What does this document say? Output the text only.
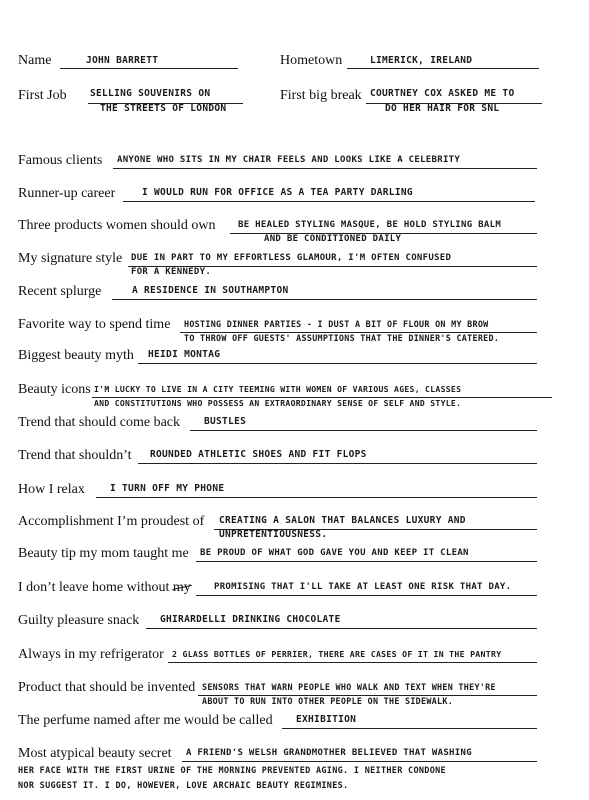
Name	JOHN BARRETT	Hometown	LIMERICK, IRELAND
First Job SELLING SOUVENIRS ON
THE STREETS OF LONDON
First big break COURTNEY COX ASKED ME TO
DO HER HAIR FOR SNL
Famous clients ANYONE WHO SITS IN MY CHAIR FEELS AND LOOKS LIKE A CELEBRITY
Runner-up career	I WOULD RUN FOR OFFICE AS A TEA PARTY DARLING
Three products women should own BE HEALED STYLING MASQUE, BE HOLD STYLING BALM
AND BE CONDITIONED DAILY
My signature style DUE IN PART TO MY EFFORTLESS GLAMOUR, I'M OFTEN CONFUSED
FOR A KENNEDY.
Recent splurge	A RESIDENCE IN SOUTHAMPTON
Favorite way to spend time HOSTING DINNER PARTIES - I DUST A BIT OF FLOUR ON MY BROW
TO THROW OFF GUESTS' ASSUMPTIONS THAT THE DINNER'S CATERED.
Biggest beauty myth HEIDI MONTAG
Beauty icons I'M LUCKY TO LIVE IN A CITY TEEMING WITH WOMEN OF VARIOUS AGES, CLASSES
AND CONSTITUTIONS WHO POSSESS AN EXTRAORDINARY SENSE OF SELF AND STYLE.
Trend that should come back	BUSTLES
Trend that shouldn’t ROUNDED ATHLETIC SHOES AND FIT FLOPS
How I relax	I TURN OFF MY PHONE
Accomplishment I’m proudest of CREATING A SALON THAT BALANCES LUXURY AND
UNPRETENTIOUSNESS.
Beauty tip my mom taught me BE PROUD OF WHAT GOD GAVE YOU AND KEEP IT CLEAN
I don’t leave home without my	PROMISING THAT I'LL TAKE AT LEAST ONE RISK THAT DAY.
Guilty pleasure snack GHIRARDELLI DRINKING CHOCOLATE
Always in my refrigerator 2 GLASS BOTTLES OF PERRIER, THERE ARE CASES OF IT IN THE PANTRY
Product that should be invented SENSORS THAT WARN PEOPLE WHO WALK AND TEXT WHEN THEY'RE
ABOUT TO RUN INTO OTHER PEOPLE ON THE SIDEWALK.
The perfume named after me would be called EXHIBITION
Most atypical beauty secret A FRIEND'S WELSH GRANDMOTHER BELIEVED THAT WASHING
HER FACE WITH THE FIRST URINE OF THE MORNING PREVENTED AGING. I NEITHER CONDONE
NOR SUGGEST IT. I DO, HOWEVER, LOVE ARCHAIC BEAUTY REGIMINES.
